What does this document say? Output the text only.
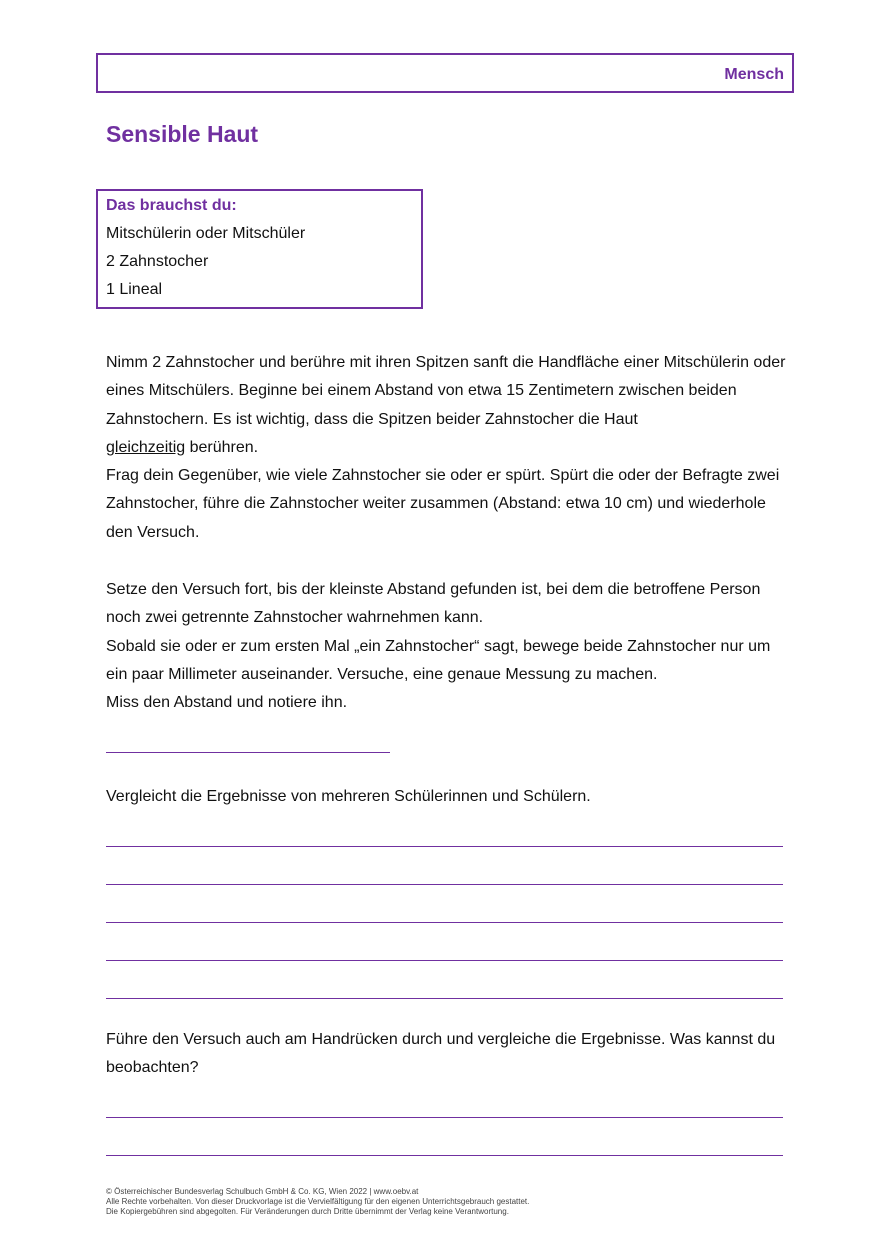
Mensch
Sensible Haut
Das brauchst du:
Mitschülerin oder Mitschüler
2 Zahnstocher
1 Lineal

Nimm 2 Zahnstocher und berühre mit ihren Spitzen sanft die Handfläche einer Mitschülerin oder eines Mitschülers. Beginne bei einem Abstand von etwa 15 Zentimetern zwischen beiden Zahnstochern. Es ist wichtig, dass die Spitzen beider Zahnstocher die Haut
gleichzeitig berühren.

Frag dein Gegenüber, wie viele Zahnstocher sie oder er spürt. Spürt die oder der Befragte zwei Zahnstocher, führe die Zahnstocher weiter zusammen (Abstand: etwa 10 cm) und wiederhole den Versuch.

Setze den Versuch fort, bis der kleinste Abstand gefunden ist, bei dem die betroffene Person noch zwei getrennte Zahnstocher wahrnehmen kann.

Sobald sie oder er zum ersten Mal „ein Zahnstocher“ sagt, bewege beide Zahnstocher nur um ein paar Millimeter auseinander. Versuche, eine genaue Messung zu machen.

Miss den Abstand und notiere ihn.

Vergleicht die Ergebnisse von mehreren Schülerinnen und Schülern.

Führe den Versuch auch am Handrücken durch und vergleiche die Ergebnisse. Was kannst du beobachten?

© Österreichischer Bundesverlag Schulbuch GmbH & Co. KG, Wien 2022 | www.oebv.at
Alle Rechte vorbehalten. Von dieser Druckvorlage ist die Vervielfältigung für den eigenen Unterrichtsgebrauch gestattet.
Die Kopiergebühren sind abgegolten. Für Veränderungen durch Dritte übernimmt der Verlag keine Verantwortung.
